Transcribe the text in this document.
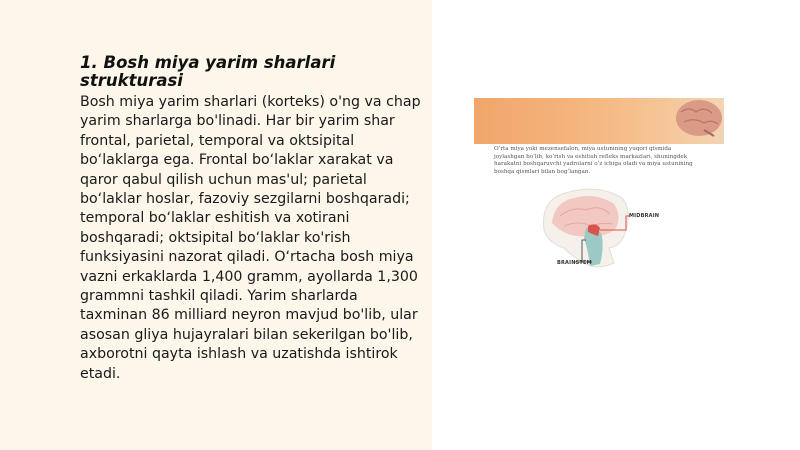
1. Bosh miya yarim sharlari strukturasi
Bosh miya yarim sharlari (korteks) o'ng va chap yarim sharlarga bo'linadi. Har bir yarim shar frontal, parietal, temporal va oktsipital bo‘laklarga ega. Frontal bo‘laklar xarakat va qaror qabul qilish uchun mas'ul; parietal bo‘laklar hoslar, fazoviy sezgilarni boshqaradi; temporal bo‘laklar eshitish va xotirani boshqaradi; oktsipital bo‘laklar ko'rish funksiyasini nazorat qiladi. O‘rtacha bosh miya vazni erkaklarda 1,400 gramm, ayollarda 1,300 grammni tashkil qiladi. Yarim sharlarda taxminan 86 milliard neyron mavjud bo'lib, ular asosan gliya hujayralari bilan sekerilgan bo'lib, axborotni qayta ishlash va uzatishda ishtirok etadi.
O‘rta miya yoki mezensefalon, miya ustunining yuqori qismida joylashgan bo‘lib, ko‘rish va eshitish refleks markazlari, shuningdek harakatni boshqaruvchi yadrolarni o‘z ichiga oladi va miya ustunining boshqa qismlari bilan bog‘langan.
MIDBRAIN
BRAINSTEM
